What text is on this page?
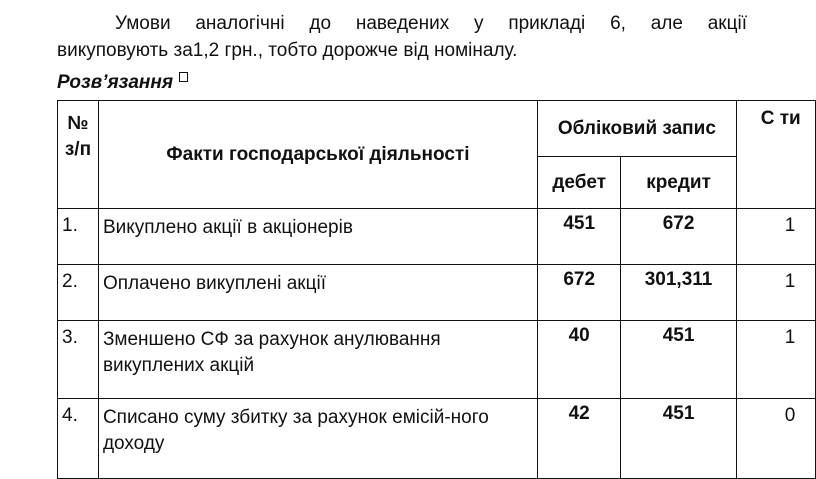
Умови аналогічні до наведених у прикладі 6, але акції
викуповують за1,2 грн., тобто дорожче від номіналу.

Розв’язання
№ з/п	Факти господарської діяльності	Обліковий запис		С ти
		дебет	кредит	
1.	Викуплено акції в акціонерів	451	672	1
2.	Оплачено викуплені акції	672	301,311	1
3.	Зменшено СФ за рахунок анулювання викуплених акцій	40	451	1
4.	Списано суму збитку за рахунок емісій-ного доходу	42	451	0
